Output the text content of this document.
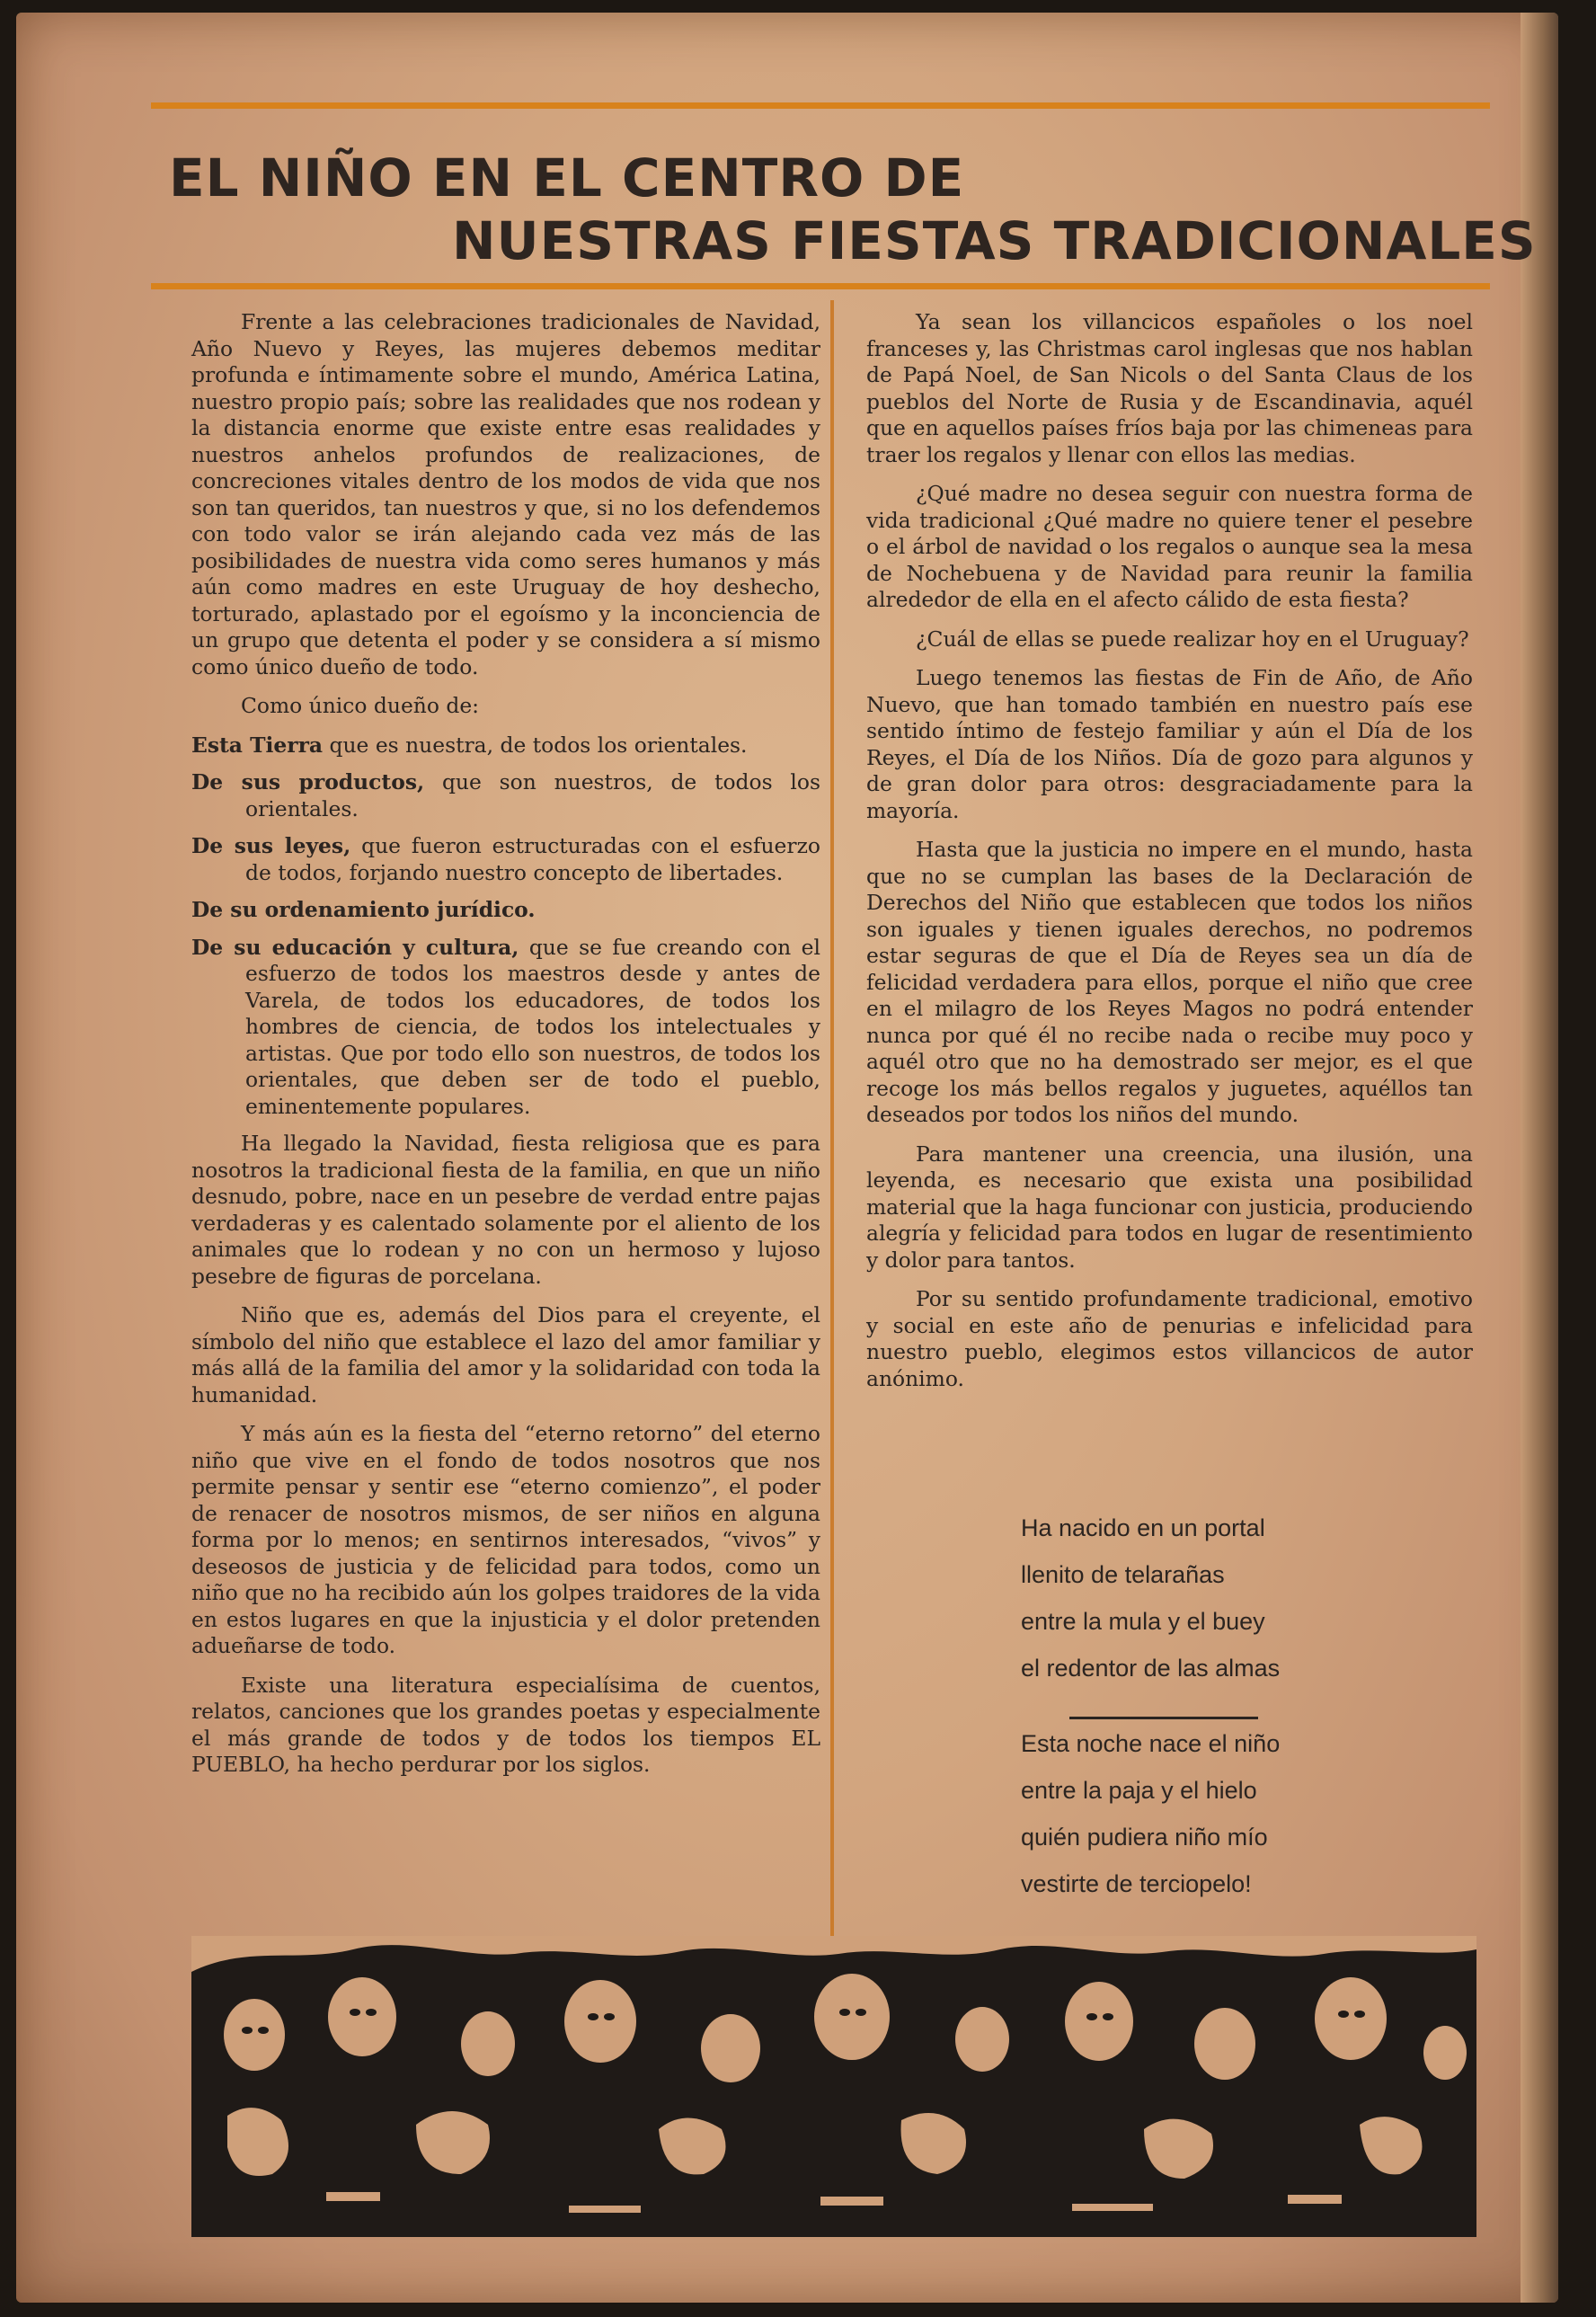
EL NIÑO EN EL CENTRO DE
NUESTRAS FIESTAS TRADICIONALES

Frente a las celebraciones tradicionales de Navidad, Año Nuevo y Reyes, las mujeres debemos meditar profunda e íntimamente sobre el mundo, América Latina, nuestro propio país; sobre las realidades que nos rodean y la distancia enorme que existe entre esas realidades y nuestros anhelos profundos de realizaciones, de concreciones vitales dentro de los modos de vida que nos son tan queridos, tan nuestros y que, si no los defendemos con todo valor se irán alejando cada vez más de las posibilidades de nuestra vida como seres humanos y más aún como madres en este Uruguay de hoy deshecho, torturado, aplastado por el egoísmo y la inconciencia de un grupo que detenta el poder y se considera a sí mismo como único dueño de todo.

Como único dueño de:

Esta Tierra que es nuestra, de todos los orientales.

De sus productos, que son nuestros, de todos los orientales.

De sus leyes, que fueron estructuradas con el esfuerzo de todos, forjando nuestro concepto de libertades.

De su ordenamiento jurídico.

De su educación y cultura, que se fue creando con el esfuerzo de todos los maestros desde y antes de Varela, de todos los educadores, de todos los hombres de ciencia, de todos los intelectuales y artistas. Que por todo ello son nuestros, de todos los orientales, que deben ser de todo el pueblo, eminentemente populares.

Ha llegado la Navidad, fiesta religiosa que es para nosotros la tradicional fiesta de la familia, en que un niño desnudo, pobre, nace en un pesebre de verdad entre pajas verdaderas y es calentado solamente por el aliento de los animales que lo rodean y no con un hermoso y lujoso pesebre de figuras de porcelana.

Niño que es, además del Dios para el creyente, el símbolo del niño que establece el lazo del amor familiar y más allá de la familia del amor y la solidaridad con toda la humanidad.

Y más aún es la fiesta del “eterno retorno” del eterno niño que vive en el fondo de todos nosotros que nos permite pensar y sentir ese “eterno comienzo”, el poder de renacer de nosotros mismos, de ser niños en alguna forma por lo menos; en sentirnos interesados, “vivos” y deseosos de justicia y de felicidad para todos, como un niño que no ha recibido aún los golpes traidores de la vida en estos lugares en que la injusticia y el dolor pretenden adueñarse de todo.

Existe una literatura especialísima de cuentos, relatos, canciones que los grandes poetas y especialmente el más grande de todos y de todos los tiempos EL PUEBLO, ha hecho perdurar por los siglos.

Ya sean los villancicos españoles o los noel franceses y, las Christmas carol inglesas que nos hablan de Papá Noel, de San Nicols o del Santa Claus de los pueblos del Norte de Rusia y de Escandinavia, aquél que en aquellos países fríos baja por las chimeneas para traer los regalos y llenar con ellos las medias.

¿Qué madre no desea seguir con nuestra forma de vida tradicional ¿Qué madre no quiere tener el pesebre o el árbol de navidad o los regalos o aunque sea la mesa de Nochebuena y de Navidad para reunir la familia alrededor de ella en el afecto cálido de esta fiesta?

¿Cuál de ellas se puede realizar hoy en el Uruguay?

Luego tenemos las fiestas de Fin de Año, de Año Nuevo, que han tomado también en nuestro país ese sentido íntimo de festejo familiar y aún el Día de los Reyes, el Día de los Niños. Día de gozo para algunos y de gran dolor para otros: desgraciadamente para la mayoría.

Hasta que la justicia no impere en el mundo, hasta que no se cumplan las bases de la Declaración de Derechos del Niño que establecen que todos los niños son iguales y tienen iguales derechos, no podremos estar seguras de que el Día de Reyes sea un día de felicidad verdadera para ellos, porque el niño que cree en el milagro de los Reyes Magos no podrá entender nunca por qué él no recibe nada o recibe muy poco y aquél otro que no ha demostrado ser mejor, es el que recoge los más bellos regalos y juguetes, aquéllos tan deseados por todos los niños del mundo.

Para mantener una creencia, una ilusión, una leyenda, es necesario que exista una posibilidad material que la haga funcionar con justicia, produciendo alegría y felicidad para todos en lugar de resentimiento y dolor para tantos.

Por su sentido profundamente tradicional, emotivo y social en este año de penurias e infelicidad para nuestro pueblo, elegimos estos villancicos de autor anónimo.

Ha nacido en un portal
llenito de telarañas
entre la mula y el buey
el redentor de las almas
Esta noche nace el niño
entre la paja y el hielo
quién pudiera niño mío
vestirte de terciopelo!
